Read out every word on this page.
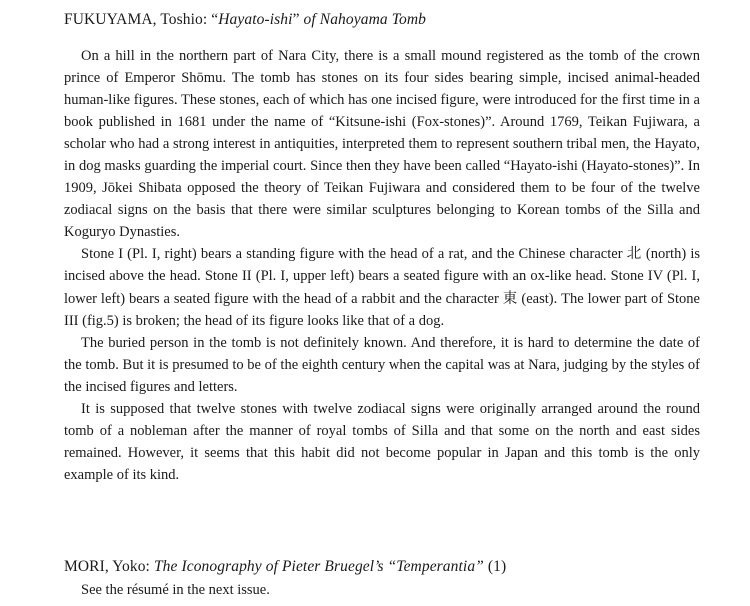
FUKUYAMA, Toshio: “Hayato-ishi” of Nahoyama Tomb

On a hill in the northern part of Nara City, there is a small mound registered as the tomb of the crown prince of Emperor Shōmu. The tomb has stones on its four sides bearing simple, incised animal-headed human-like figures. These stones, each of which has one incised figure, were introduced for the first time in a book published in 1681 under the name of “Kitsune-ishi (Fox-stones)”. Around 1769, Teikan Fujiwara, a scholar who had a strong interest in antiquities, interpreted them to represent southern tribal men, the Hayato, in dog masks guarding the imperial court. Since then they have been called “Hayato-ishi (Hayato-stones)”. In 1909, Jōkei Shibata opposed the theory of Teikan Fujiwara and considered them to be four of the twelve zodiacal signs on the basis that there were similar sculptures belonging to Korean tombs of the Silla and Koguryo Dynasties.

Stone I (Pl. I, right) bears a standing figure with the head of a rat, and the Chinese character 北 (north) is incised above the head. Stone II (Pl. I, upper left) bears a seated figure with an ox-like head. Stone IV (Pl. I, lower left) bears a seated figure with the head of a rabbit and the character 東 (east). The lower part of Stone III (fig.5) is broken; the head of its figure looks like that of a dog.

The buried person in the tomb is not definitely known. And therefore, it is hard to determine the date of the tomb. But it is presumed to be of the eighth century when the capital was at Nara, judging by the styles of the incised figures and letters.

It is supposed that twelve stones with twelve zodiacal signs were originally arranged around the round tomb of a nobleman after the manner of royal tombs of Silla and that some on the north and east sides remained. However, it seems that this habit did not become popular in Japan and this tomb is the only example of its kind.

MORI, Yoko: The Iconography of Pieter Bruegel’s “Temperantia” (1)
See the résumé in the next issue.
